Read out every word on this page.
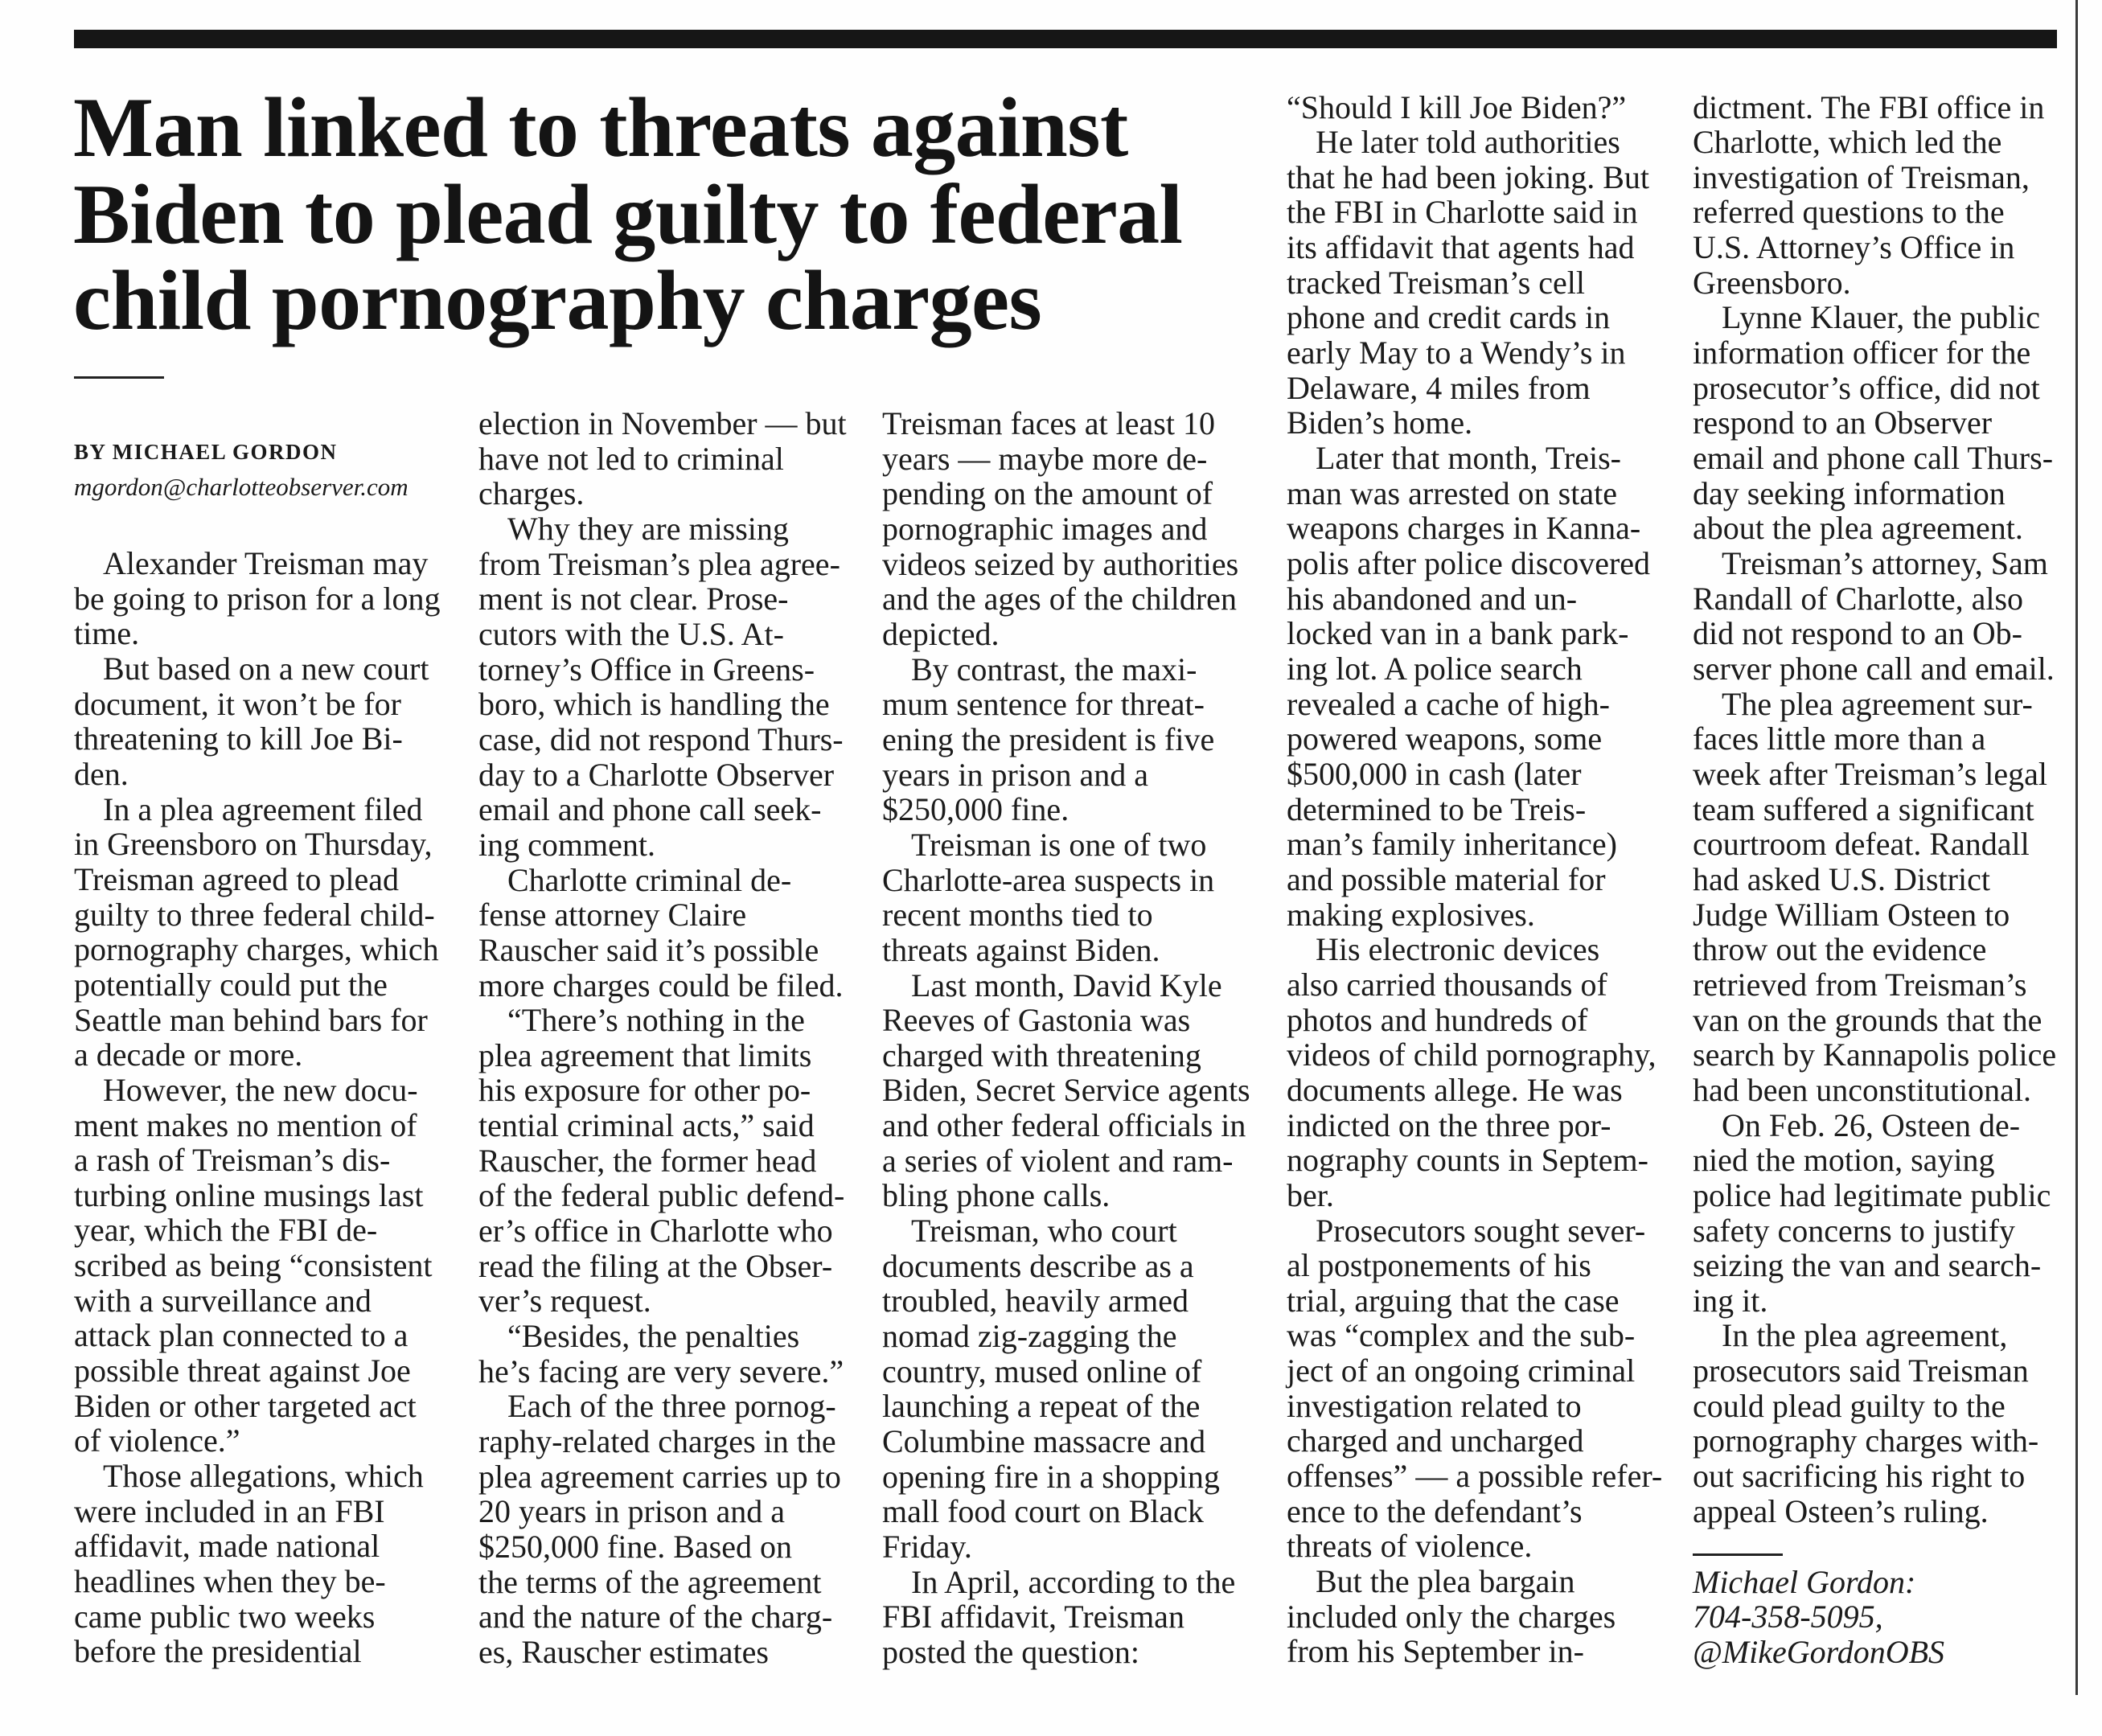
Man linked to threats against
Biden to plead guilty to federal
child pornography charges
BY MICHAEL GORDON
mgordon@charlotteobserver.com
Alexander Treisman may
be going to prison for a long
time.
But based on a new court
document, it won’t be for
threatening to kill Joe Bi-
den.
In a plea agreement filed
in Greensboro on Thursday,
Treisman agreed to plead
guilty to three federal child-
pornography charges, which
potentially could put the
Seattle man behind bars for
a decade or more.
However, the new docu-
ment makes no mention of
a rash of Treisman’s dis-
turbing online musings last
year, which the FBI de-
scribed as being “consistent
with a surveillance and
attack plan connected to a
possible threat against Joe
Biden or other targeted act
of violence.”
Those allegations, which
were included in an FBI
affidavit, made national
headlines when they be-
came public two weeks
before the presidential
election in November — but
have not led to criminal
charges.
Why they are missing
from Treisman’s plea agree-
ment is not clear. Prose-
cutors with the U.S. At-
torney’s Office in Greens-
boro, which is handling the
case, did not respond Thurs-
day to a Charlotte Observer
email and phone call seek-
ing comment.
Charlotte criminal de-
fense attorney Claire
Rauscher said it’s possible
more charges could be filed.
“There’s nothing in the
plea agreement that limits
his exposure for other po-
tential criminal acts,” said
Rauscher, the former head
of the federal public defend-
er’s office in Charlotte who
read the filing at the Obser-
ver’s request.
“Besides, the penalties
he’s facing are very severe.”
Each of the three pornog-
raphy-related charges in the
plea agreement carries up to
20 years in prison and a
$250,000 fine. Based on
the terms of the agreement
and the nature of the charg-
es, Rauscher estimates
Treisman faces at least 10
years — maybe more de-
pending on the amount of
pornographic images and
videos seized by authorities
and the ages of the children
depicted.
By contrast, the maxi-
mum sentence for threat-
ening the president is five
years in prison and a
$250,000 fine.
Treisman is one of two
Charlotte-area suspects in
recent months tied to
threats against Biden.
Last month, David Kyle
Reeves of Gastonia was
charged with threatening
Biden, Secret Service agents
and other federal officials in
a series of violent and ram-
bling phone calls.
Treisman, who court
documents describe as a
troubled, heavily armed
nomad zig-zagging the
country, mused online of
launching a repeat of the
Columbine massacre and
opening fire in a shopping
mall food court on Black
Friday.
In April, according to the
FBI affidavit, Treisman
posted the question:
“Should I kill Joe Biden?”
He later told authorities
that he had been joking. But
the FBI in Charlotte said in
its affidavit that agents had
tracked Treisman’s cell
phone and credit cards in
early May to a Wendy’s in
Delaware, 4 miles from
Biden’s home.
Later that month, Treis-
man was arrested on state
weapons charges in Kanna-
polis after police discovered
his abandoned and un-
locked van in a bank park-
ing lot. A police search
revealed a cache of high-
powered weapons, some
$500,000 in cash (later
determined to be Treis-
man’s family inheritance)
and possible material for
making explosives.
His electronic devices
also carried thousands of
photos and hundreds of
videos of child pornography,
documents allege. He was
indicted on the three por-
nography counts in Septem-
ber.
Prosecutors sought sever-
al postponements of his
trial, arguing that the case
was “complex and the sub-
ject of an ongoing criminal
investigation related to
charged and uncharged
offenses” — a possible refer-
ence to the defendant’s
threats of violence.
But the plea bargain
included only the charges
from his September in-
dictment. The FBI office in
Charlotte, which led the
investigation of Treisman,
referred questions to the
U.S. Attorney’s Office in
Greensboro.
Lynne Klauer, the public
information officer for the
prosecutor’s office, did not
respond to an Observer
email and phone call Thurs-
day seeking information
about the plea agreement.
Treisman’s attorney, Sam
Randall of Charlotte, also
did not respond to an Ob-
server phone call and email.
The plea agreement sur-
faces little more than a
week after Treisman’s legal
team suffered a significant
courtroom defeat. Randall
had asked U.S. District
Judge William Osteen to
throw out the evidence
retrieved from Treisman’s
van on the grounds that the
search by Kannapolis police
had been unconstitutional.
On Feb. 26, Osteen de-
nied the motion, saying
police had legitimate public
safety concerns to justify
seizing the van and search-
ing it.
In the plea agreement,
prosecutors said Treisman
could plead guilty to the
pornography charges with-
out sacrificing his right to
appeal Osteen’s ruling.
Michael Gordon:
704-358-5095,
@MikeGordonOBS
